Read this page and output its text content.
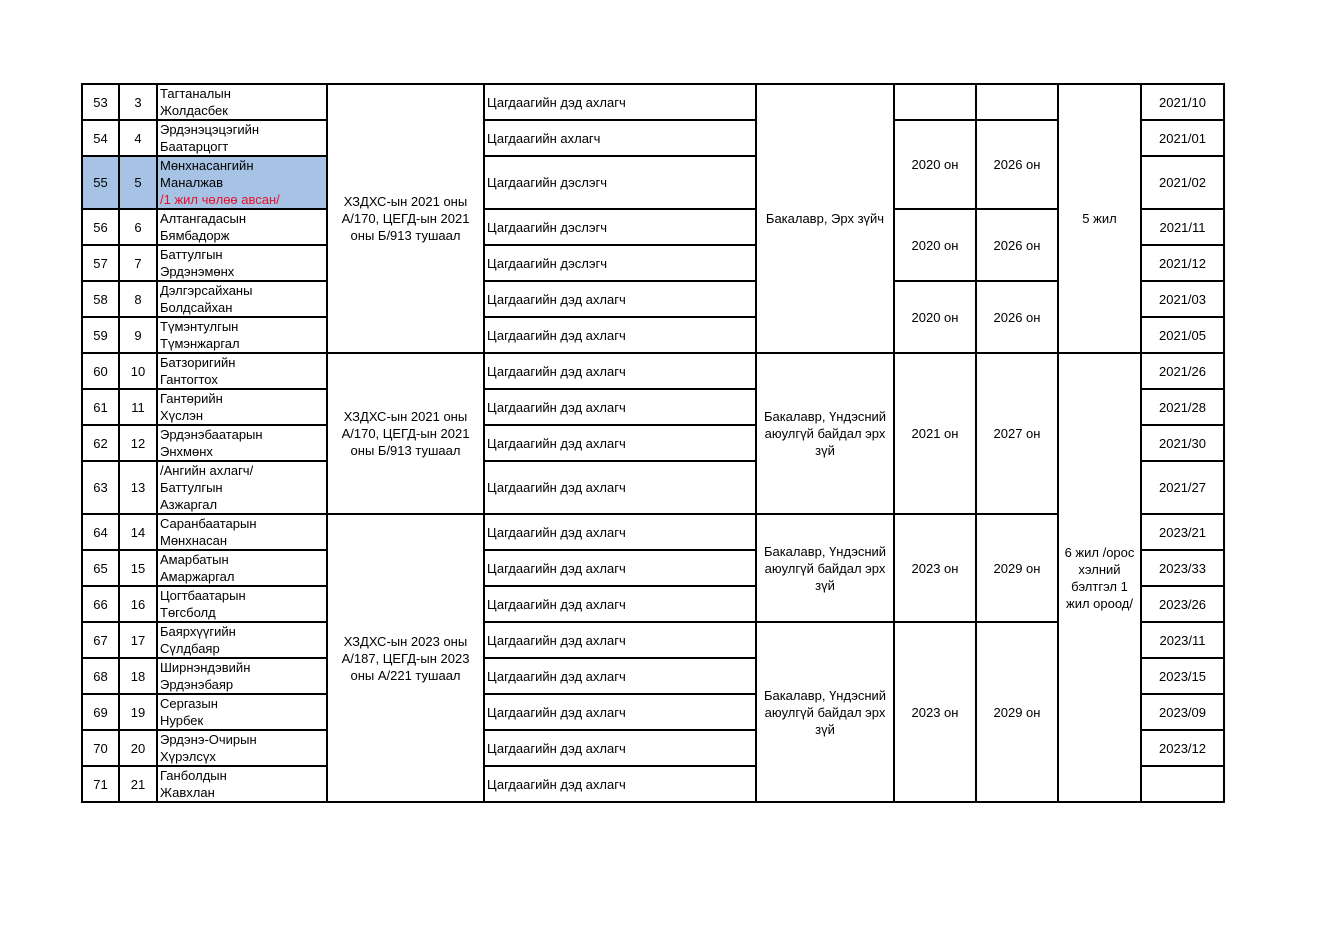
53	3	Тагтаналын
Жолдасбек	ХЗДХС-ын 2021 оны А/170, ЦЕГД-ын 2021 оны Б/913 тушаал	Цагдаагийн дэд ахлагч	Бакалавр, Эрх зүйч			5 жил	2021/10	
54	4	Эрдэнэцэцэгийн
Баатарцогт		Цагдаагийн ахлагч		2020 он	2026 он		2021/01	
55	5	Мөнхнасангийн
Маналжав
/1 жил чөлөө авсан/		Цагдаагийн дэслэгч					2021/02	
56	6	Алтангадасын
Бямбадорж		Цагдаагийн дэслэгч		2020 он	2026 он		2021/11	
57	7	Баттулгын
Эрдэнэмөнх		Цагдаагийн дэслэгч					2021/12	
58	8	Дэлгэрсайханы
Болдсайхан		Цагдаагийн дэд ахлагч		2020 он	2026 он		2021/03	
59	9	Түмэнтулгын
Түмэнжаргал		Цагдаагийн дэд ахлагч					2021/05	
60	10	Батзоригийн
Гантогтох	ХЗДХС-ын 2021 оны А/170, ЦЕГД-ын 2021 оны Б/913 тушаал	Цагдаагийн дэд ахлагч	Бакалавр, Үндэсний аюулгүй байдал эрх зүй	2021 он	2027 он	6 жил /орос хэлний бэлтгэл 1 жил ороод/	2021/26	
61	11	Гантөрийн
Хүслэн		Цагдаагийн дэд ахлагч					2021/28	
62	12	Эрдэнэбаатарын
Энхмөнх		Цагдаагийн дэд ахлагч					2021/30	
63	13	/Ангийн ахлагч/
Баттулгын
Азжаргал		Цагдаагийн дэд ахлагч					2021/27	
64	14	Саранбаатарын
Мөнхнасан	ХЗДХС-ын 2023 оны А/187, ЦЕГД-ын 2023 оны А/221 тушаал	Цагдаагийн дэд ахлагч	Бакалавр, Үндэсний аюулгүй байдал эрх зүй	2023 он	2029 он		2023/21	
65	15	Амарбатын
Амаржаргал		Цагдаагийн дэд ахлагч					2023/33	
66	16	Цогтбаатарын
Төгсболд		Цагдаагийн дэд ахлагч					2023/26	
67	17	Баярхүүгийн
Сүлдбаяр		Цагдаагийн дэд ахлагч	Бакалавр, Үндэсний аюулгүй байдал эрх зүй	2023 он	2029 он		2023/11	
68	18	Ширнэндэвийн
Эрдэнэбаяр		Цагдаагийн дэд ахлагч					2023/15	
69	19	Сергазын
Нурбек		Цагдаагийн дэд ахлагч					2023/09	
70	20	Эрдэнэ-Очирын
Хүрэлсүх		Цагдаагийн дэд ахлагч					2023/12	
71	21	Ганболдын
Жавхлан		Цагдаагийн дэд ахлагч		
